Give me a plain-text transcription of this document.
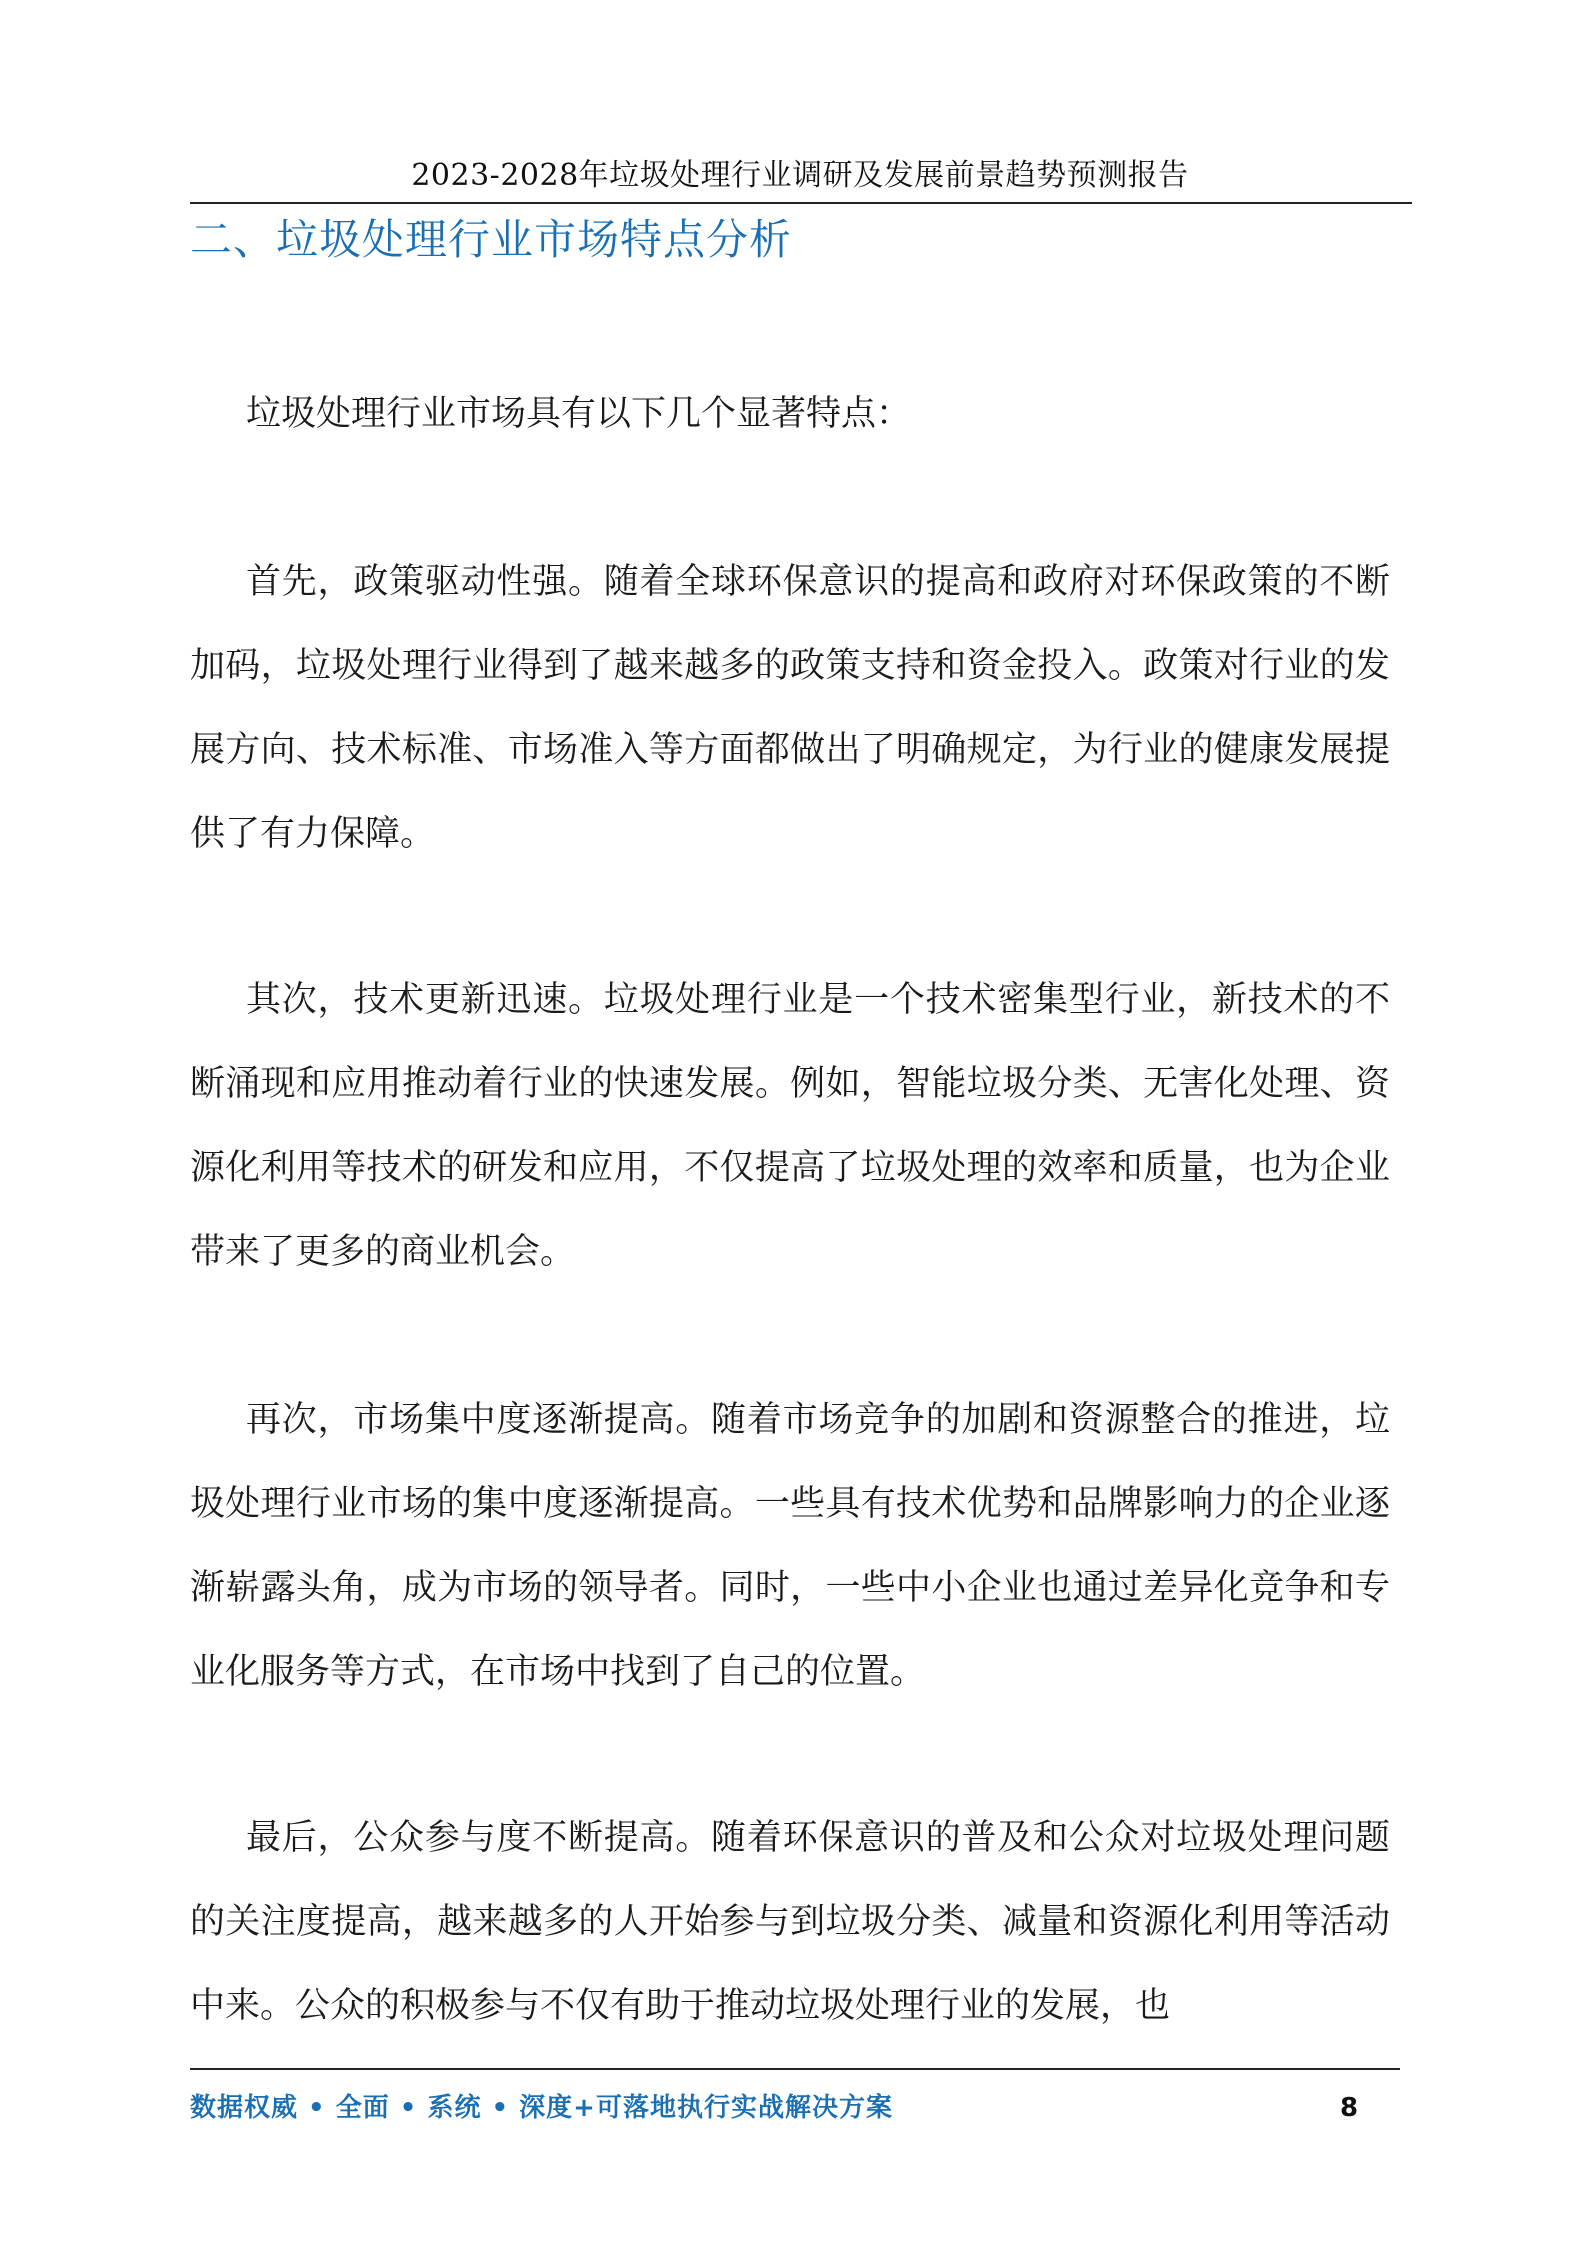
2023-2028年垃圾处理行业调研及发展前景趋势预测报告
二、垃圾处理行业市场特点分析

垃圾处理行业市场具有以下几个显著特点：

首先，政策驱动性强。随着全球环保意识的提高和政府对环保政策的不断加码，垃圾处理行业得到了越来越多的政策支持和资金投入。政策对行业的发展方向、技术标准、市场准入等方面都做出了明确规定，为行业的健康发展提供了有力保障。

其次，技术更新迅速。垃圾处理行业是一个技术密集型行业，新技术的不断涌现和应用推动着行业的快速发展。例如，智能垃圾分类、无害化处理、资源化利用等技术的研发和应用，不仅提高了垃圾处理的效率和质量，也为企业带来了更多的商业机会。

再次，市场集中度逐渐提高。随着市场竞争的加剧和资源整合的推进，垃圾处理行业市场的集中度逐渐提高。一些具有技术优势和品牌影响力的企业逐渐崭露头角，成为市场的领导者。同时，一些中小企业也通过差异化竞争和专业化服务等方式，在市场中找到了自己的位置。

最后，公众参与度不断提高。随着环保意识的普及和公众对垃圾处理问题的关注度提高，越来越多的人开始参与到垃圾分类、减量和资源化利用等活动中来。公众的积极参与不仅有助于推动垃圾处理行业的发展，也

数据权威 • 全面 • 系统 • 深度+可落地执行实战解决方案	8
